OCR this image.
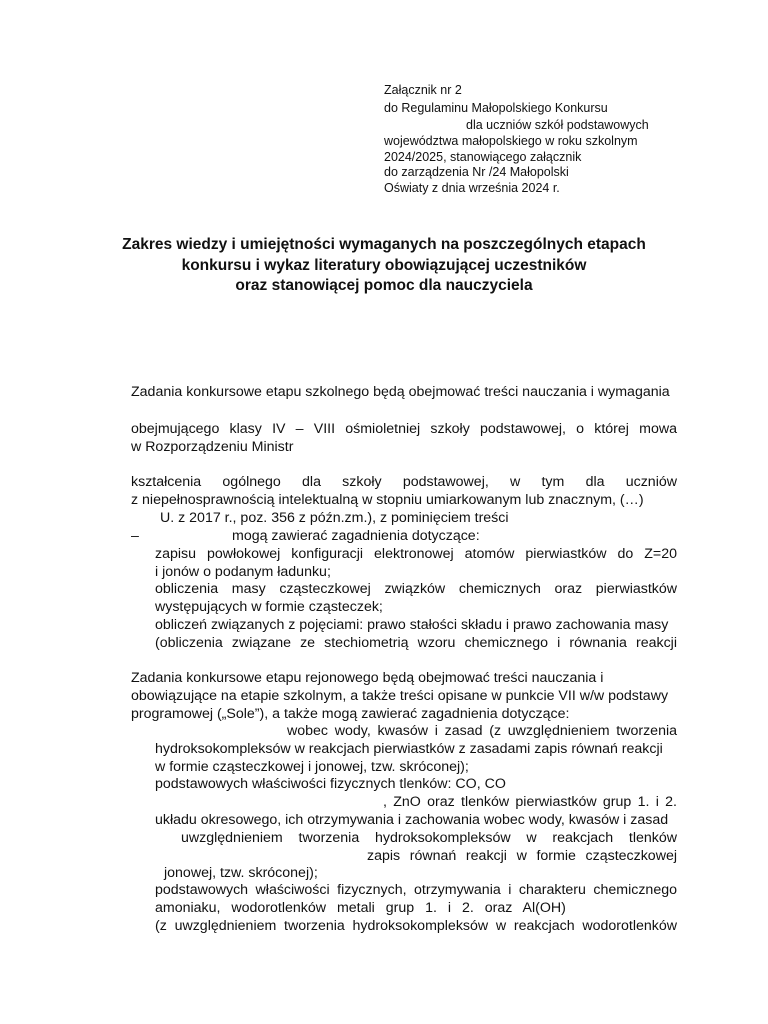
Załącznik nr 2
do Regulaminu Małopolskiego Konkursu
dla uczniów szkół podstawowych
województwa małopolskiego w roku szkolnym
2024/2025, stanowiącego załącznik
do zarządzenia Nr /24 Małopolski
Oświaty z dnia września 2024 r.
Zakres wiedzy i umiejętności wymaganych na poszczególnych etapach
konkursu i wykaz literatury obowiązującej uczestników
oraz stanowiącej pomoc dla nauczyciela
Zadania konkursowe etapu szkolnego będą obejmować treści nauczania i wymagania
obejmującego klasy IV – VIII ośmioletniej szkoły podstawowej, o której mowa
w Rozporządzeniu Ministr
kształcenia ogólnego dla szkoły podstawowej, w tym dla uczniów
z niepełnosprawnością intelektualną w stopniu umiarkowanym lub znacznym, (…)
U. z 2017 r., poz. 356 z późn.zm.), z pominięciem treści
–	mogą zawierać zagadnienia dotyczące:
zapisu powłokowej konfiguracji elektronowej atomów pierwiastków do Z=20
i jonów o podanym ładunku;
obliczenia masy cząsteczkowej związków chemicznych oraz pierwiastków
występujących w formie cząsteczek;
obliczeń związanych z pojęciami: prawo stałości składu i prawo zachowania masy
(obliczenia związane ze stechiometrią wzoru chemicznego i równania reakcji
Zadania konkursowe etapu rejonowego będą obejmować treści nauczania i
obowiązujące na etapie szkolnym, a także treści opisane w punkcie VII w/w podstawy
programowej („Sole”), a także mogą zawierać zagadnienia dotyczące:
wobec wody, kwasów i zasad (z uwzględnieniem tworzenia
hydroksokompleksów w reakcjach pierwiastków z zasadami zapis równań reakcji
w formie cząsteczkowej i jonowej, tzw. skróconej);
podstawowych właściwości fizycznych tlenków: CO, CO
, ZnO oraz tlenków pierwiastków grup 1. i 2.
układu okresowego, ich otrzymywania i zachowania wobec wody, kwasów i zasad
uwzględnieniem tworzenia hydroksokompleksów w reakcjach tlenków
zapis równań reakcji w formie cząsteczkowej
jonowej, tzw. skróconej);
podstawowych właściwości fizycznych, otrzymywania i charakteru chemicznego
amoniaku, wodorotlenków metali grup 1. i 2. oraz Al(OH)
(z uwzględnieniem tworzenia hydroksokompleksów w reakcjach wodorotlenków
